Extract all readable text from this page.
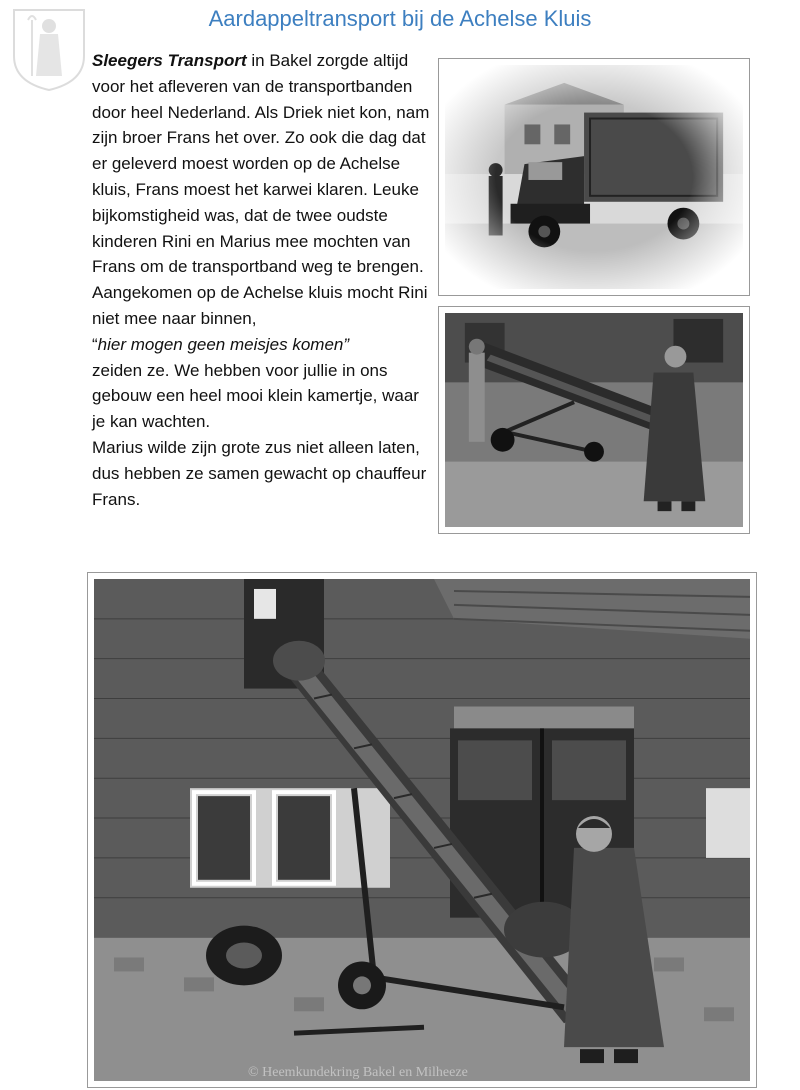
Aardappeltransport bij de Achelse Kluis

Sleegers Transport in Bakel zorgde altijd voor het afleveren van de transportbanden door heel Nederland. Als Driek niet kon, nam zijn broer Frans het over. Zo ook die dag dat er geleverd moest worden op de Achelse kluis, Frans moest het karwei klaren. Leuke bijkomstigheid was, dat de twee oudste kinderen Rini en Marius mee mochten van Frans om de transportband weg te brengen. Aangekomen op de Achelse kluis mocht Rini niet mee naar binnen,
“hier mogen geen meisjes komen”
zeiden ze. We hebben voor jullie in ons gebouw een heel mooi klein kamertje, waar je kan wachten.

Marius wilde zijn grote zus niet alleen laten, dus hebben ze samen gewacht op chauffeur Frans.

© Heemkundekring Bakel en Milheeze
